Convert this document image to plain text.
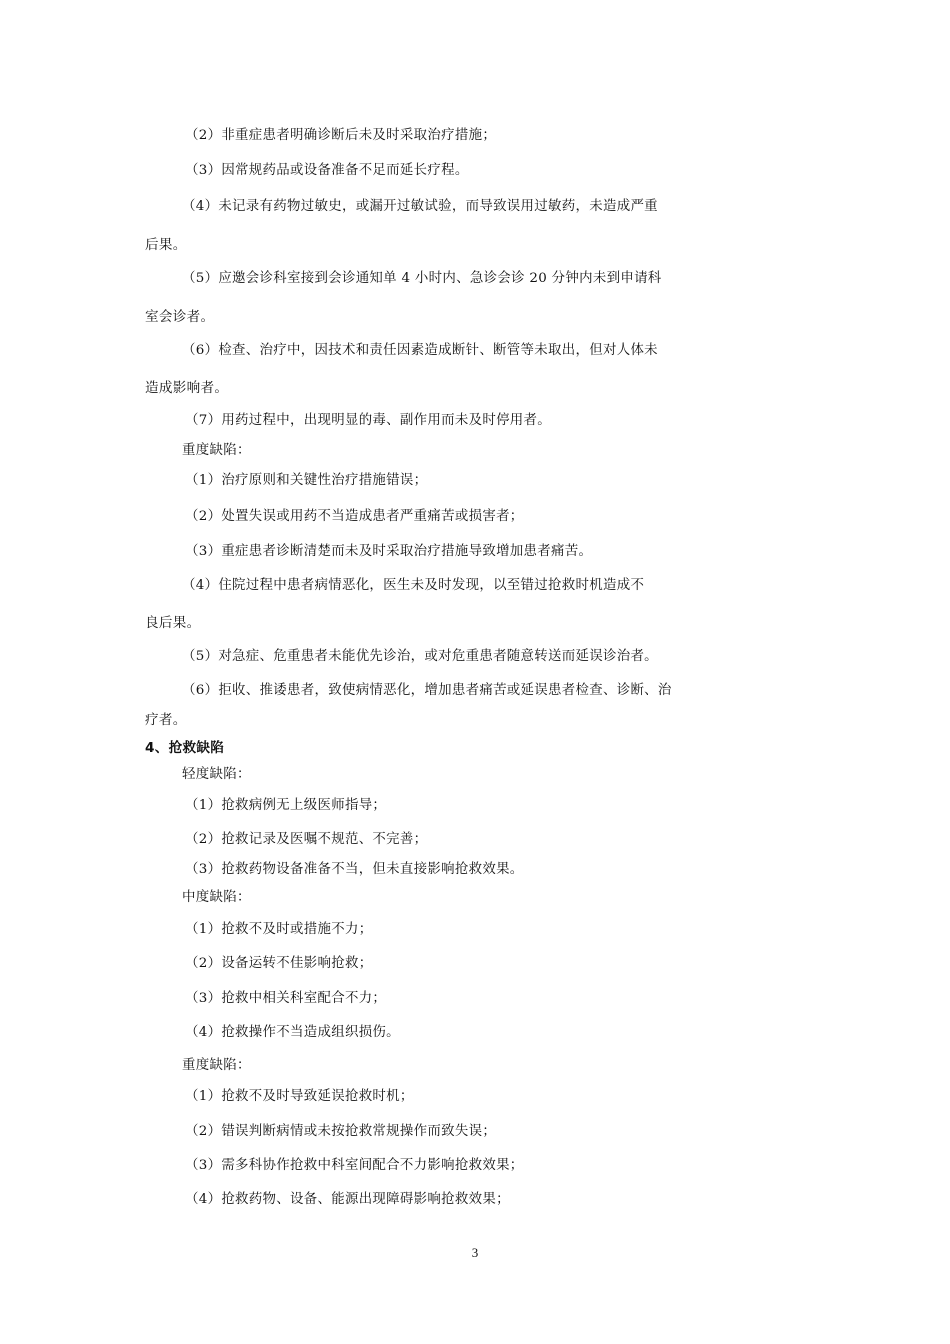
（2）非重症患者明确诊断后未及时采取治疗措施；
（3）因常规药品或设备准备不足而延长疗程。
（4）未记录有药物过敏史，或漏开过敏试验，而导致误用过敏药，未造成严重
后果。
（5）应邀会诊科室接到会诊通知单 4 小时内、急诊会诊 20 分钟内未到申请科
室会诊者。
（6）检查、治疗中，因技术和责任因素造成断针、断管等未取出，但对人体未
造成影响者。
（7）用药过程中，出现明显的毒、副作用而未及时停用者。
重度缺陷：
（1）治疗原则和关键性治疗措施错误；
（2）处置失误或用药不当造成患者严重痛苦或损害者；
（3）重症患者诊断清楚而未及时采取治疗措施导致增加患者痛苦。
（4）住院过程中患者病情恶化，医生未及时发现，以至错过抢救时机造成不
良后果。
（5）对急症、危重患者未能优先诊治，或对危重患者随意转送而延误诊治者。
（6）拒收、推诿患者，致使病情恶化，增加患者痛苦或延误患者检查、诊断、治
疗者。
4、抢救缺陷
轻度缺陷：
（1）抢救病例无上级医师指导；
（2）抢救记录及医嘱不规范、不完善；
（3）抢救药物设备准备不当，但未直接影响抢救效果。
中度缺陷：
（1）抢救不及时或措施不力；
（2）设备运转不佳影响抢救；
（3）抢救中相关科室配合不力；
（4）抢救操作不当造成组织损伤。
重度缺陷：
（1）抢救不及时导致延误抢救时机；
（2）错误判断病情或未按抢救常规操作而致失误；
（3）需多科协作抢救中科室间配合不力影响抢救效果；
（4）抢救药物、设备、能源出现障碍影响抢救效果；
3
